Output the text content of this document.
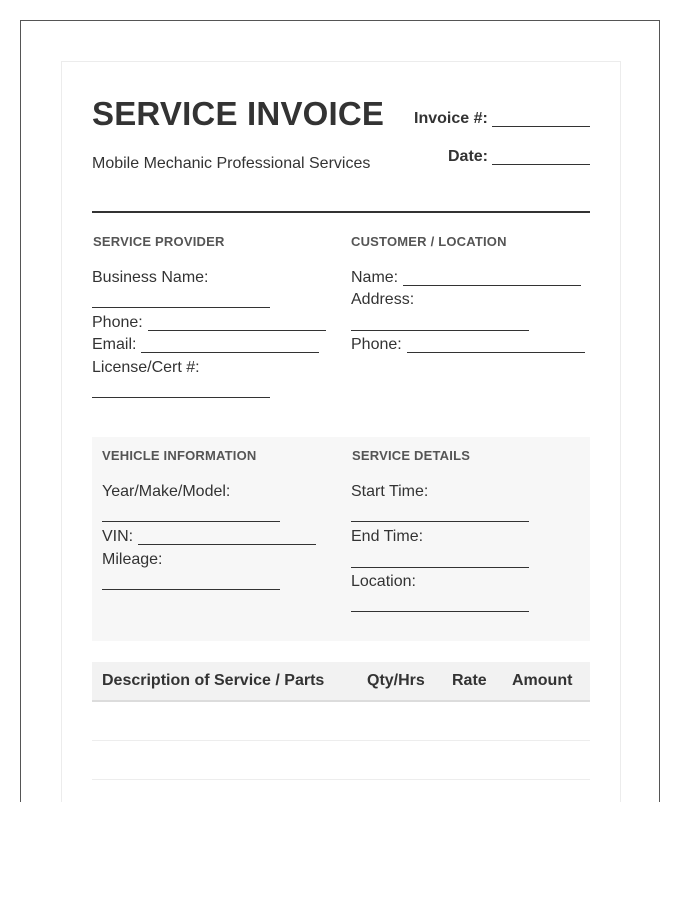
SERVICE INVOICE
Mobile Mechanic Professional Services
Invoice #:
Date:
SERVICE PROVIDER
Business Name:
Phone:
Email:
License/Cert #:
CUSTOMER / LOCATION
Name:
Address:
Phone:
VEHICLE INFORMATION
Year/Make/Model:
VIN:
Mileage:
SERVICE DETAILS
Start Time:
End Time:
Location:
Description of Service / Parts	Qty/Hrs Rate Amount
